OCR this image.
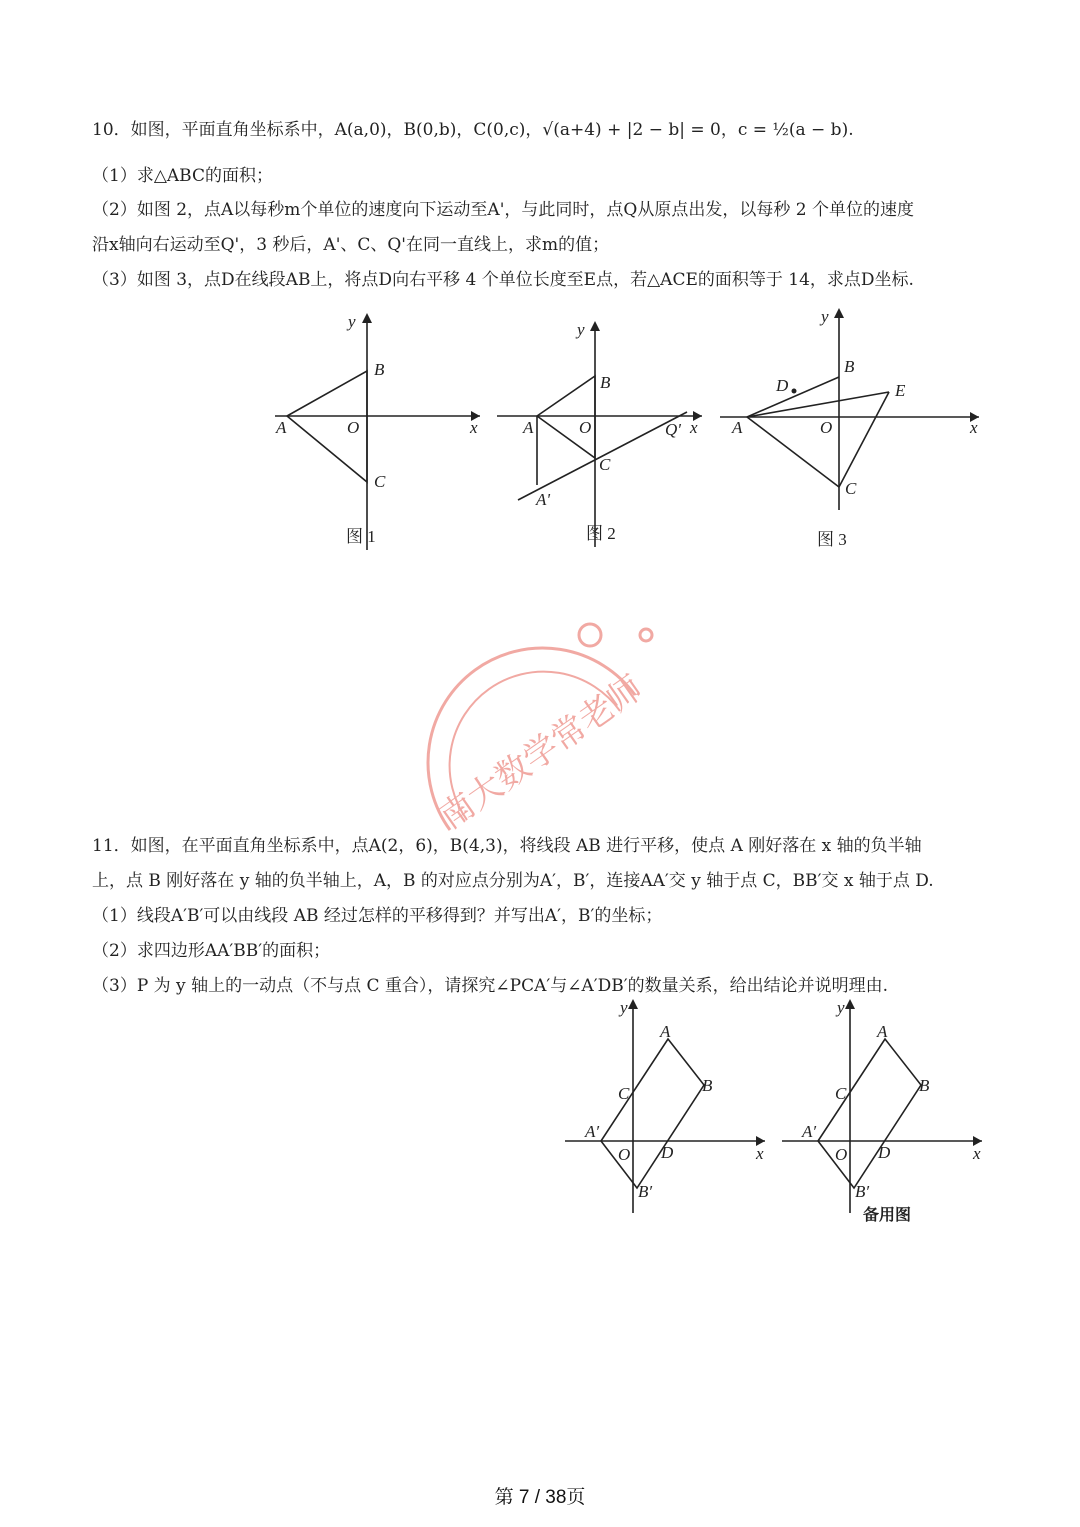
10．如图，平面直角坐标系中，A(a,0)，B(0,b)，C(0,c)，√(a+4) + |2 − b| = 0，c = ½(a − b).
（1）求△ABC的面积；
（2）如图 2，点A以每秒m个单位的速度向下运动至A'，与此同时，点Q从原点出发，以每秒 2 个单位的速度
沿x轴向右运动至Q'，3 秒后，A'、C、Q'在同一直线上，求m的值；
（3）如图 3，点D在线段AB上，将点D向右平移 4 个单位长度至E点，若△ACE的面积等于 14，求点D坐标.
y
B
A	O	x
C
图 1
y
B
A	O	Q' x
C
A'
图 2
y
B
D	E
A	O	x
C
图 3
南大数学常老师
11．如图，在平面直角坐标系中，点A(2，6)，B(4,3)，将线段 AB 进行平移，使点 A 刚好落在 x 轴的负半轴
上，点 B 刚好落在 y 轴的负半轴上，A，B 的对应点分别为A′，B′，连接AA′交 y 轴于点 C，BB′交 x 轴于点 D.
（1）线段A′B′可以由线段 AB 经过怎样的平移得到？并写出A′，B′的坐标；
（2）求四边形AA′BB′的面积；
（3）P 为 y 轴上的一动点（不与点 C 重合），请探究∠PCA′与∠A′DB′的数量关系，给出结论并说明理由.
y
A
B
C
A′
O D	x
B′
y
A
B
C
A′
O D	x
B′
备用图
第 7 / 38页
